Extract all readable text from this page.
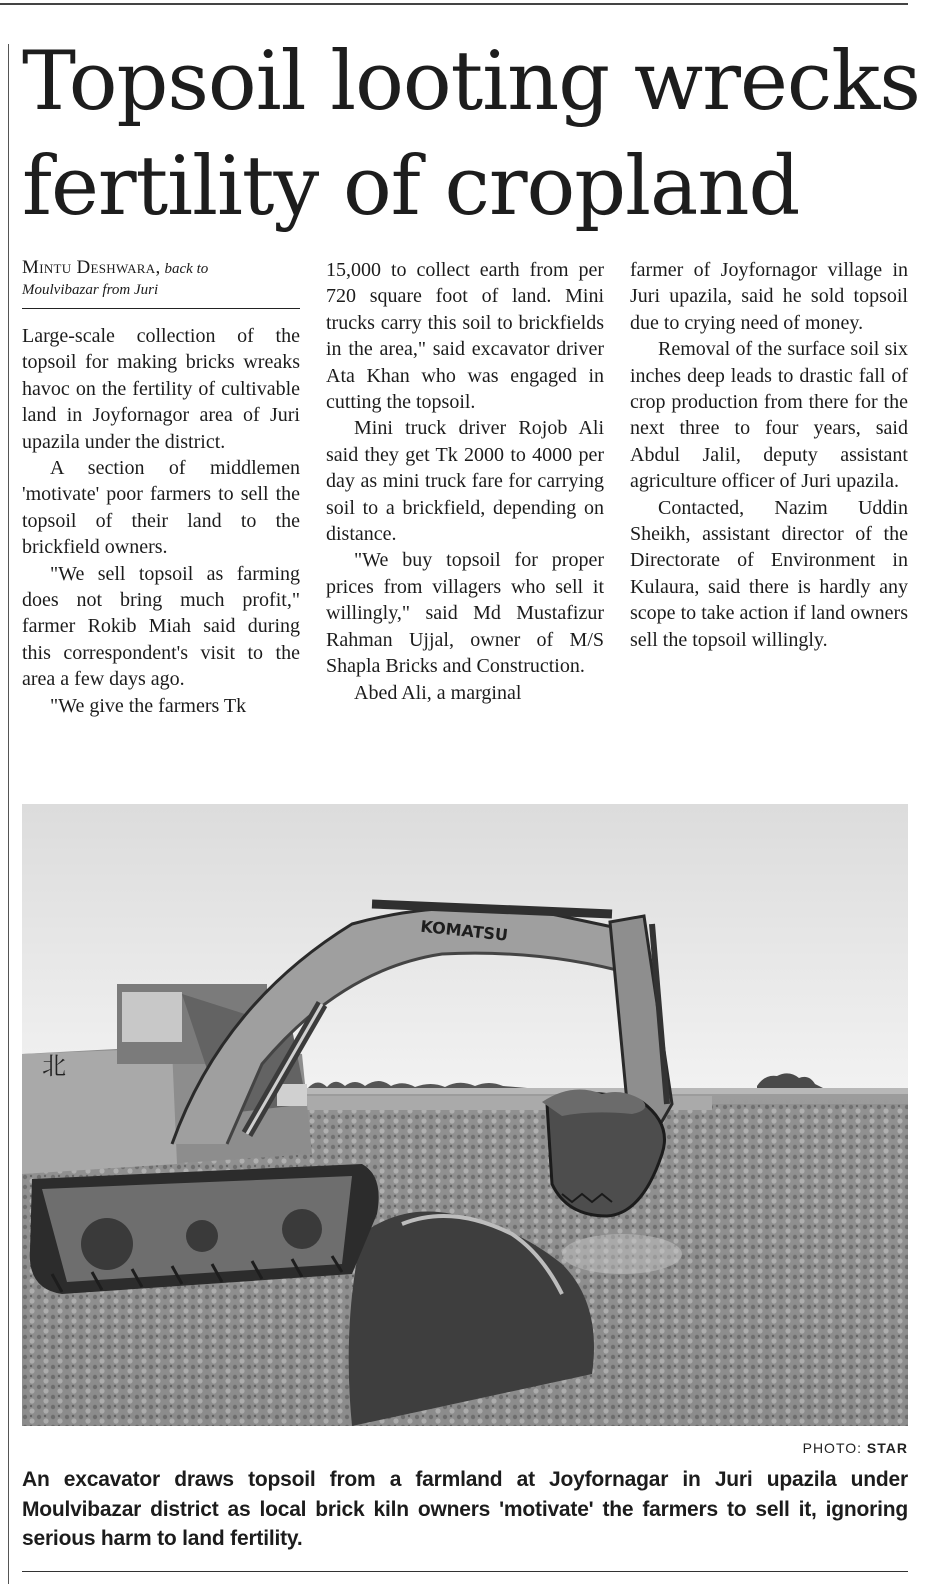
Topsoil looting wrecks fertility of cropland
Mintu Deshwara, back to
Moulvibazar from Juri

Large-scale collection of the topsoil for making bricks wreaks havoc on the fertility of cultivable land in Joyfornagor area of Juri upazila under the district.

A section of middlemen 'motivate' poor farmers to sell the topsoil of their land to the brickfield owners.

"We sell topsoil as farming does not bring much profit," farmer Rokib Miah said during this correspondent's visit to the area a few days ago.

"We give the farmers Tk

15,000 to collect earth from per 720 square foot of land. Mini trucks carry this soil to brickfields in the area," said excavator driver Ata Khan who was engaged in cutting the topsoil.

Mini truck driver Rojob Ali said they get Tk 2000 to 4000 per day as mini truck fare for carrying soil to a brickfield, depending on distance.

"We buy topsoil for proper prices from villagers who sell it willingly," said Md Mustafizur Rahman Ujjal, owner of M/S Shapla Bricks and Construction.

Abed Ali, a marginal

farmer of Joyfornagor village in Juri upazila, said he sold topsoil due to crying need of money.

Removal of the surface soil six inches deep leads to drastic fall of crop production from there for the next three to four years, said Abdul Jalil, deputy assistant agriculture officer of Juri upazila.

Contacted, Nazim Uddin Sheikh, assistant director of the Directorate of Environment in Kulaura, said there is hardly any scope to take action if land owners sell the topsoil willingly.

北
KOMATSU
PHOTO: STAR

An excavator draws topsoil from a farmland at Joyfornagar in Juri upazila under Moulvibazar district as local brick kiln owners 'motivate' the farmers to sell it, ignoring serious harm to land fertility.
